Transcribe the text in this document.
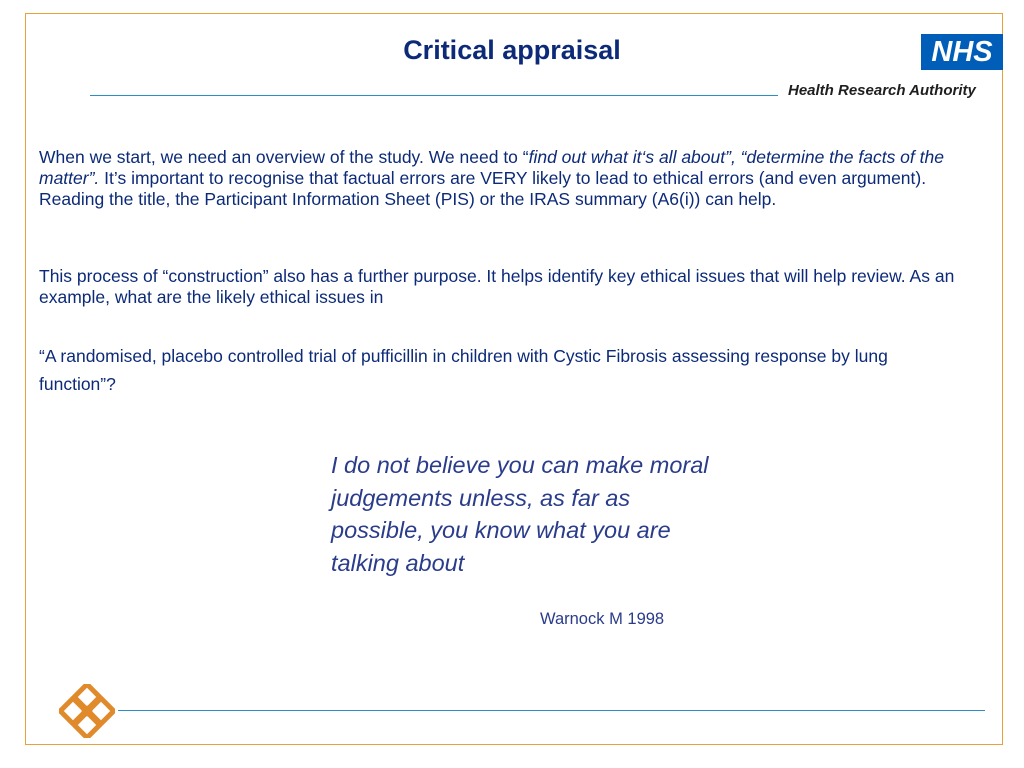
Critical appraisal	NHS
Health Research Authority
When we start, we need an overview of the study. We need to “find out what it‘s all about”, “determine the facts of the matter”. It’s important to recognise that factual errors are VERY likely to lead to ethical errors (and even argument). Reading the title, the Participant Information Sheet (PIS) or the IRAS summary (A6(i)) can help.
This process of “construction” also has a further purpose. It helps identify key ethical issues that will help review. As an example, what are the likely ethical issues in
“A randomised, placebo controlled trial of pufficillin in children with Cystic Fibrosis assessing response by lung function”?
I do not believe you can make moral judgements unless, as far as possible, you know what you are talking about
Warnock M 1998
